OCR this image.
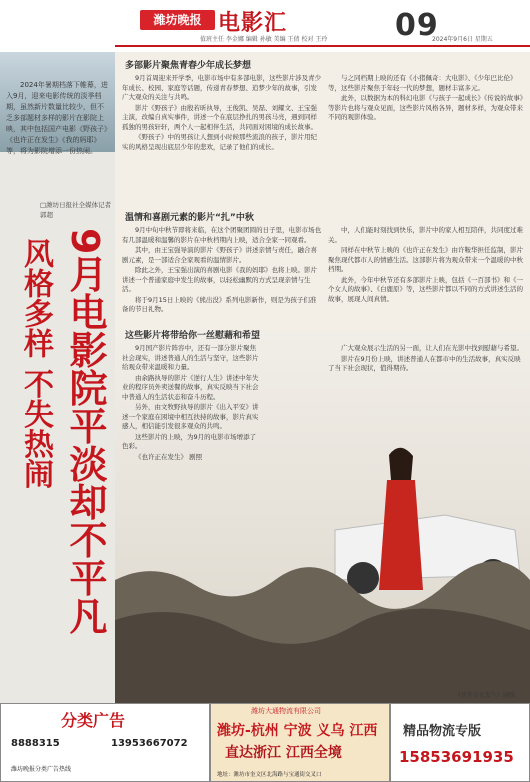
潍坊晚报 电影汇
值班主任 李金娜 编辑 孙敏 美编 王倩 校对 王玲 09
2024年9月6日 星期五
2024年暑期档落下帷幕，进入9月，迎来电影传统的淡季档期，虽然新片数量比较少，但不乏多部题材多样的影片在影院上映，其中包括国产电影《野孩子》《也许正在发生》《我的妈耶》等，将为影院增添一份热闹。
□潍坊日报社全媒体记者 郭超
9月电影院平淡却不平凡
风格多样 不失热闹
多部影片聚焦青春少年成长梦想

9月首周迎来开学季，电影市场中有多部电影，这些影片涉及青少年成长、校园、家庭等话题，传递青春梦想、追梦少年的故事，引发广大观众的关注与共鸣。

影片《野孩子》由殷若昕执导，王俊凯、吴磊、刘耀文、王宝强主演，改编自真实事件，讲述一个在底层挣扎的男孩马亮，遇到同样孤独的男孩轩轩，两个人一起相伴生活，共同面对困境的成长故事。

《野孩子》中的男孩让人想到小时候那些流浪的孩子，影片用纪实的风格呈现出底层少年的悲欢，记录了他们的成长。

与之同档期上映的还有《小猪佩奇：大电影》、《少年巴比伦》等，这些影片聚焦于年轻一代的梦想，题材丰富多元。

此外，以数据为本的科幻电影《与孩子一起成长》《传说的故事》等影片也将与观众见面，这些影片风格各异，题材多样，为观众带来不同的观影体验。

温情和喜剧元素的影片“扎”中秋

9月中旬中秋节即将来临，在这个团聚团圆的日子里，电影市场也有几部温暖和温馨的影片在中秋档期内上映，适合全家一同观看。

其中，由王宝强导演的影片《野孩子》讲述亲情与责任，融合喜剧元素，是一部适合全家观看的温情影片。

除此之外，王宝强出演的喜剧电影《我的妈耶》也将上映。影片讲述一个普通家庭中发生的故事，以轻松幽默的方式呈现亲情与生活。

将于9月15日上映的《熊出没》系列电影新作，则是为孩子们准备的节日礼物。

中，人们能时刻找到快乐，影片中的家人相互陪伴，共同度过难关。

同样在中秋节上映的《也许正在发生》由许鞍华担任监制，影片聚焦现代都市人的情感生活。这部影片将为观众带来一个温暖的中秋档期。

此外，今年中秋节还有多部影片上映，包括《一百部书》和《一个女人的故事》、《白鹿原》等，这些影片都以不同的方式讲述生活的故事，展现人间真情。

这些影片将带给你一丝慰藉和希望

9月国产影片阵容中，还有一部分影片聚焦社会现实，讲述普通人的生活与坚守，这些影片给观众带来温暖和力量。

由余路执导的影片《逆行人生》讲述中年失业的程序员外卖送餐的故事，真实反映当下社会中普通人的生活状态和奋斗历程。

另外，由文牧野执导的影片《出入平安》讲述一个家庭在困境中相互扶持的故事，影片真实感人，相信能引发很多观众的共鸣。

这些影片的上映，为9月的电影市场增添了色彩。

《也许正在发生》 剧照

广大观众展示生活的另一面，让人们在光影中找到慰藉与希望。

影片在9月份上映，讲述普通人在都市中的生活故事，真实反映了当下社会现状，值得期待。

《也许正在发生》剧照
分类广告
8888315	13953667072
潍坊晚报分类广告热线
潍坊大通物流有限公司
潍坊-杭州 宁波 义乌 江西
直达浙江 江西全境
地址：潍坊市奎文区北海路与宝通街交叉口
精品物流专版
15853691935
